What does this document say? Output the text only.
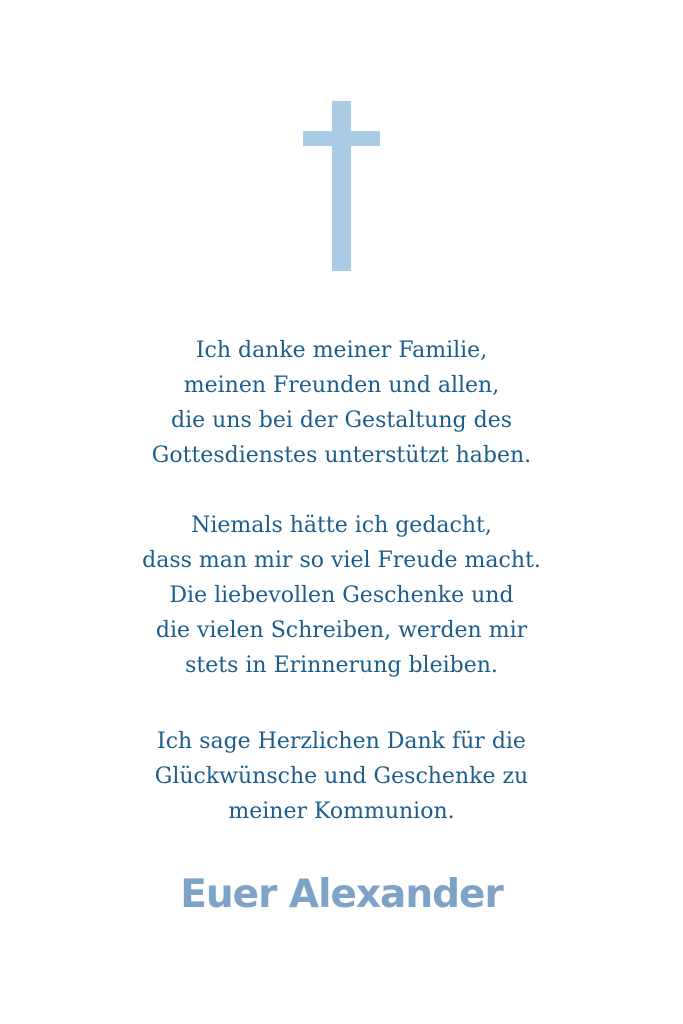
Ich danke meiner Familie,
meinen Freunden und allen,
die uns bei der Gestaltung des
Gottesdienstes unterstützt haben.
Niemals hätte ich gedacht,
dass man mir so viel Freude macht.
Die liebevollen Geschenke und
die vielen Schreiben, werden mir
stets in Erinnerung bleiben.
Ich sage Herzlichen Dank für die
Glückwünsche und Geschenke zu
meiner Kommunion.
Euer Alexander
